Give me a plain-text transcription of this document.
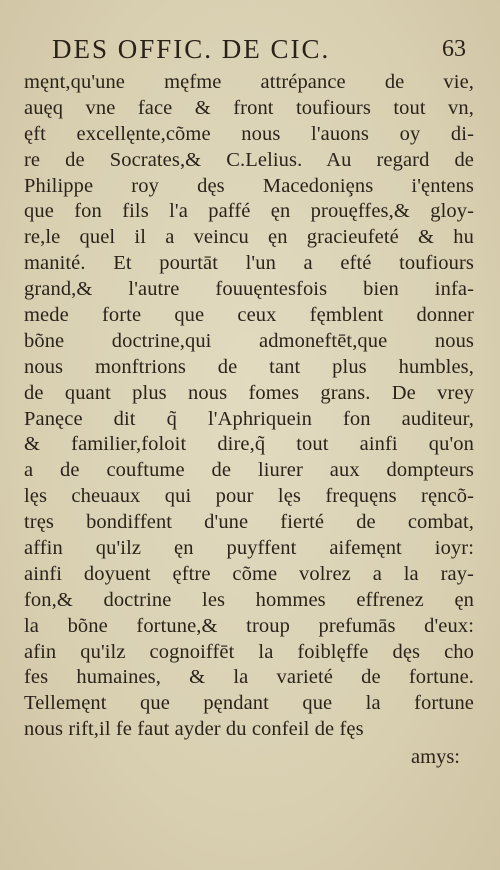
DES OFFIC. DE CIC.	63
męnt,qu'une męfme attrépance de vie,
auęq vne face & front toufiours tout vn,
ęft excellęnte,cõme nous l'auons oy di-
re de Socrates,& C.Lelius. Au regard de
Philippe roy dęs Macedoniȩns i'ęntens
que fon fils l'a paffé ęn prouęffes,& gloy-
re,le quel il a veincu ęn gracieufeté & hu
manité. Et pourtāt l'un a efté toufiours
grand,& l'autre fouuęntesfois bien infa-
mede forte que ceux fęmblent donner
bõne doctrine,qui admoneftēt,que nous
nous monftrions de tant plus humbles,
de quant plus nous fomes grans. De vrey
Panęce dit q̃ l'Aphriquein fon auditeur,
& familier,foloit dire,q̃ tout ainfi qu'on
a de couftume de liurer aux dompteurs
lęs cheuaux qui pour lęs frequęns ręncõ-
tręs bondiffent d'une fierté de combat,
affin qu'ilz ęn puyffent aifemęnt ioyr:
ainfi doyuent ęftre cõme volrez a la ray-
fon,& doctrine les hommes effrenez ęn
la bõne fortune,& troup prefumās d'eux:
afin qu'ilz cognoiffēt la foiblęffe dęs cho
fes humaines, & la varieté de fortune.
Tellemęnt que pęndant que la fortune
nous rift,il fe faut ayder du confeil de fęs
amys:
